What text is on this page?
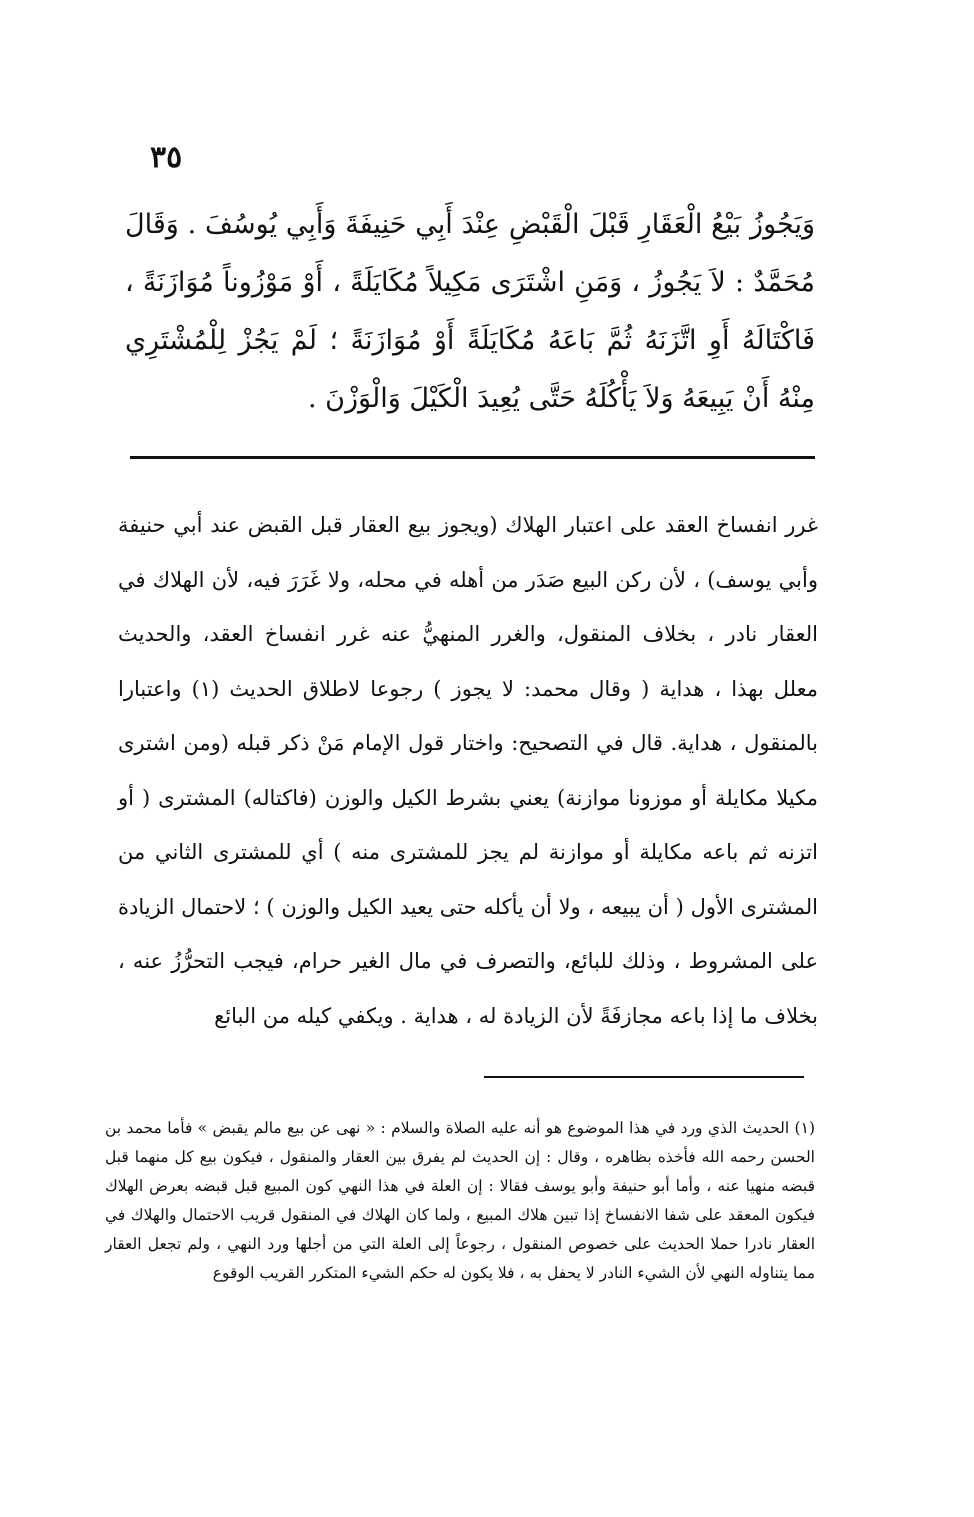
٣٥

وَيَجُوزُ بَيْعُ الْعَقَارِ قَبْلَ الْقَبْضِ عِنْدَ أَبِي حَنِيفَةَ وَأَبِي يُوسُفَ . وَقَالَ مُحَمَّدٌ : لاَ يَجُوزُ ، وَمَنِ اشْتَرَى مَكِيلاً مُكَايَلَةً ، أَوْ مَوْزُوناً مُوَازَنَةً ، فَاكْتَالَهُ أَوِ اتَّزَنَهُ ثُمَّ بَاعَهُ مُكَايَلَةً أَوْ مُوَازَنَةً ؛ لَمْ يَجُزْ لِلْمُشْتَرِي مِنْهُ أَنْ يَبِيعَهُ وَلاَ يَأْكُلَهُ حَتَّى يُعِيدَ الْكَيْلَ وَالْوَزْنَ .

غرر انفساخ العقد على اعتبار الهلاك (ويجوز بيع العقار قبل القبض عند أبي حنيفة وأبي يوسف) ، لأن ركن البيع صَدَر من أهله في محله، ولا غَرَرَ فيه، لأن الهلاك في العقار نادر ، بخلاف المنقول، والغرر المنهيُّ عنه غرر انفساخ العقد، والحديث معلل بهذا ، هداية ( وقال محمد: لا يجوز ) رجوعا لاطلاق الحديث (١) واعتبارا بالمنقول ، هداية. قال في التصحيح: واختار قول الإمام مَنْ ذكر قبله (ومن اشترى مكيلا مكايلة أو موزونا موازنة) يعني بشرط الكيل والوزن (فاكتاله) المشترى ( أو اتزنه ثم باعه مكايلة أو موازنة لم يجز للمشترى منه ) أي للمشترى الثاني من المشترى الأول ( أن يبيعه ، ولا أن يأكله حتى يعيد الكيل والوزن ) ؛ لاحتمال الزيادة على المشروط ، وذلك للبائع، والتصرف في مال الغير حرام، فيجب التحرُّزُ عنه ، بخلاف ما إذا باعه مجازفَةً لأن الزيادة له ، هداية . ويكفي كيله من البائع

(١) الحديث الذي ورد في هذا الموضوع هو أنه عليه الصلاة والسلام : « نهى عن بيع مالم يقبض » فأما محمد بن الحسن رحمه الله فأخذه بظاهره ، وقال : إن الحديث لم يفرق بين العقار والمنقول ، فيكون بيع كل منهما قبل قبضه منهيا عنه ، وأما أبو حنيفة وأبو يوسف فقالا : إن العلة في هذا النهي كون المبيع قبل قبضه بعرض الهلاك فيكون المعقد على شفا الانفساخ إذا تبين هلاك المبيع ، ولما كان الهلاك في المنقول قريب الاحتمال والهلاك في العقار نادرا حملا الحديث على خصوص المنقول ، رجوعاً إلى العلة التي من أجلها ورد النهي ، ولم تجعل العقار مما يتناوله النهي لأن الشيء النادر لا يحفل به ، فلا يكون له حكم الشيء المتكرر القريب الوقوع
